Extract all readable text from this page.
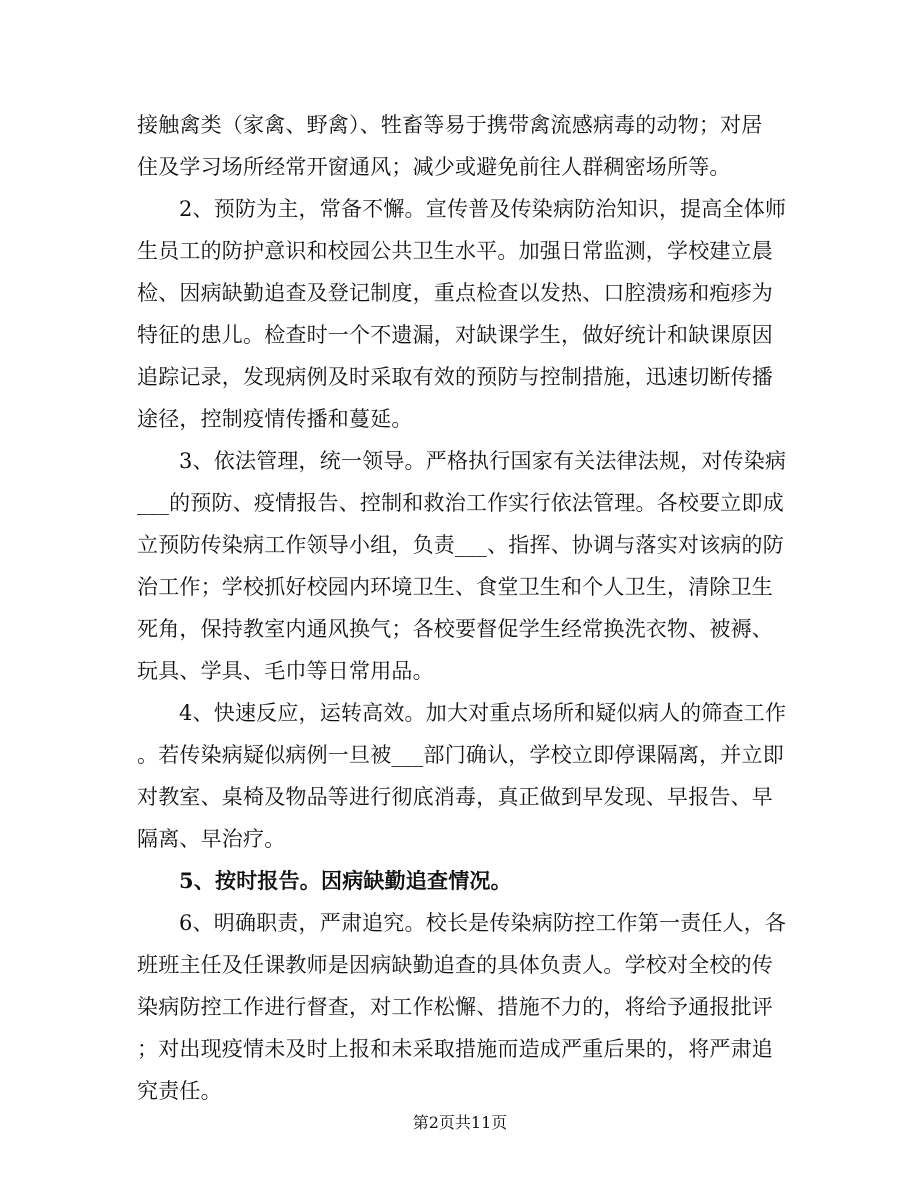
接触禽类（家禽、野禽）、牲畜等易于携带禽流感病毒的动物；对居
住及学习场所经常开窗通风；减少或避免前往人群稠密场所等。
2、预防为主，常备不懈。宣传普及传染病防治知识，提高全体师
生员工的防护意识和校园公共卫生水平。加强日常监测，学校建立晨
检、因病缺勤追查及登记制度，重点检查以发热、口腔溃疡和疱疹为
特征的患儿。检查时一个不遗漏，对缺课学生，做好统计和缺课原因
追踪记录，发现病例及时采取有效的预防与控制措施，迅速切断传播
途径，控制疫情传播和蔓延。
3、依法管理，统一领导。严格执行国家有关法律法规，对传染病
___的预防、疫情报告、控制和救治工作实行依法管理。各校要立即成
立预防传染病工作领导小组，负责___、指挥、协调与落实对该病的防
治工作；学校抓好校园内环境卫生、食堂卫生和个人卫生，清除卫生
死角，保持教室内通风换气；各校要督促学生经常换洗衣物、被褥、
玩具、学具、毛巾等日常用品。
4、快速反应，运转高效。加大对重点场所和疑似病人的筛查工作
。若传染病疑似病例一旦被___部门确认，学校立即停课隔离，并立即
对教室、桌椅及物品等进行彻底消毒，真正做到早发现、早报告、早
隔离、早治疗。
5、按时报告。因病缺勤追查情况。
6、明确职责，严肃追究。校长是传染病防控工作第一责任人，各
班班主任及任课教师是因病缺勤追查的具体负责人。学校对全校的传
染病防控工作进行督查，对工作松懈、措施不力的，将给予通报批评
；对出现疫情未及时上报和未采取措施而造成严重后果的，将严肃追
究责任。
第2页共11页
